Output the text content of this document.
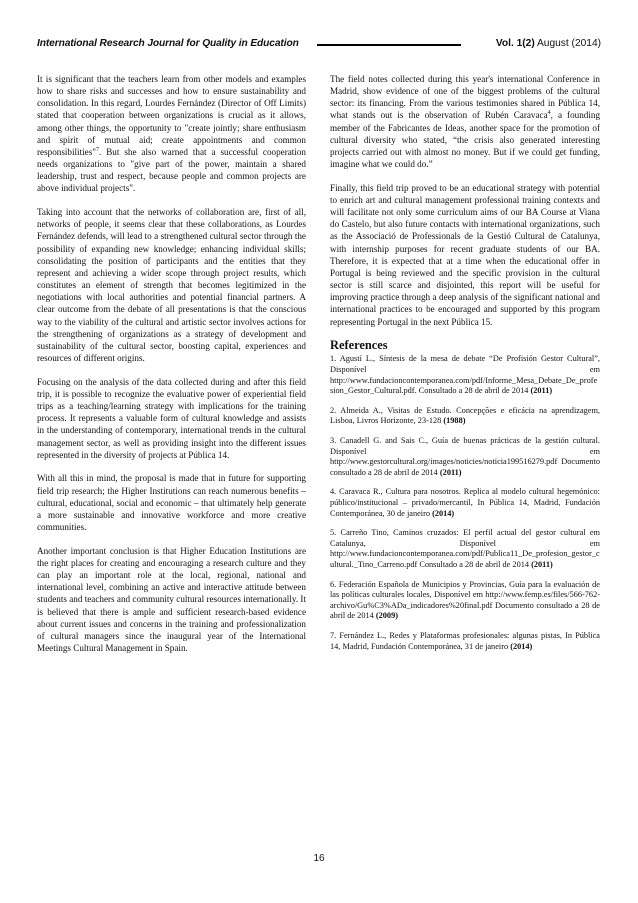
International Research Journal for Quality in Education	Vol. 1(2) August (2014)

It is significant that the teachers learn from other models and examples how to share risks and successes and how to ensure sustainability and consolidation. In this regard, Lourdes Fernández (Director of Off Limits) stated that cooperation between organizations is crucial as it allows, among other things, the opportunity to "create jointly; share enthusiasm and spirit of mutual aid; create appointments and common responsibilities"$^7$. But she also warned that a successful cooperation needs organizations to "give part of the power, maintain a shared leadership, trust and respect, because people and common projects are above individual projects".

Taking into account that the networks of collaboration are, first of all, networks of people, it seems clear that these collaborations, as Lourdes Fernández defends, will lead to a strengthened cultural sector through the possibility of expanding new knowledge; enhancing individual skills; consolidating the position of participants and the entities that they represent and achieving a wider scope through project results, which constitutes an element of strength that becomes legitimized in the negotiations with local authorities and potential financial partners. A clear outcome from the debate of all presentations is that the conscious way to the viability of the cultural and artistic sector involves actions for the strengthening of organizations as a strategy of development and sustainability of the cultural sector, boosting capital, experiences and resources of different origins.

Focusing on the analysis of the data collected during and after this field trip, it is possible to recognize the evaluative power of experiential field trips as a teaching/learning strategy with implications for the training process. It represents a valuable form of cultural knowledge and assists in the understanding of contemporary, international trends in the cultural management sector, as well as providing insight into the different issues represented in the diversity of projects at Pública 14.

With all this in mind, the proposal is made that in future for supporting field trip research; the Higher Institutions can reach numerous benefits – cultural, educational, social and economic – that ultimately help generate a more sustainable and innovative workforce and more creative communities.

Another important conclusion is that Higher Education Institutions are the right places for creating and encouraging a research culture and they can play an important role at the local, regional, national and international level, combining an active and interactive attitude between students and teachers and community cultural resources internationally. It is believed that there is ample and sufficient research-based evidence about current issues and concerns in the training and professionalization of cultural managers since the inaugural year of the International Meetings Cultural Management in Spain.

The field notes collected during this year's international Conference in Madrid, show evidence of one of the biggest problems of the cultural sector: its financing. From the various testimonies shared in Pública 14, what stands out is the observation of Rubén Caravaca$^4$, a founding member of the Fabricantes de Ideas, another space for the promotion of cultural diversity who stated, “the crisis also generated interesting projects carried out with almost no money. But if we could get funding, imagine what we could do.”

Finally, this field trip proved to be an educational strategy with potential to enrich art and cultural management professional training contexts and will facilitate not only some curriculum aims of our BA Course at Viana do Castelo, but also future contacts with international organizations, such as the Associació de Professionals de la Gestió Cultural de Catalunya, with internship purposes for recent graduate students of our BA. Therefore, it is expected that at a time when the educational offer in Portugal is being reviewed and the specific provision in the cultural sector is still scarce and disjointed, this report will be useful for improving practice through a deep analysis of the significant national and international practices to be encouraged and supported by this program representing Portugal in the next Pública 15.

References
1. Agustí L., Síntesis de la mesa de debate “De Profisión Gestor Cultural”, Disponível em http://www.fundacioncontemporanea.com/pdf/Informe_Mesa_Debate_De_profesion_Gestor_Cultural.pdf. Consultado a 28 de abril de 2014 (2011)
2. Almeida A., Visitas de Estudo. Concepções e eficácia na aprendizagem, Lisboa, Livros Horizonte, 23-128 (1988)
3. Canadell G. and Sais C., Guía de buenas prácticas de la gestión cultural. Disponível em http://www.gestorcultural.org/images/noticies/noticia199516279.pdf Documento consultado a 28 de abril de 2014 (2011)
4. Caravaca R., Cultura para nosotros. Replica al modelo cultural hegemónico: público/institucional – privado/mercantil, In Pública 14, Madrid, Fundación Contemporánea, 30 de janeiro (2014)
5. Carreño Tino, Caminos cruzados: El perfil actual del gestor cultural em Catalunya, Disponível em http://www.fundacioncontemporanea.com/pdf/Publica11_De_profesion_gestor_cultural._Tino_Carreno.pdf Consultado a 28 de abril de 2014 (2011)
6. Federación Española de Municipios y Provincias, Guía para la evaluación de las políticas culturales locales, Disponível em http://www.femp.es/files/566-762- archivo/Gu%C3%ADa_indicadores%20final.pdf Documento consultado a 28 de abril de 2014 (2009)
7. Fernández L., Redes y Plataformas profesionales: algunas pistas, In Pública 14, Madrid, Fundación Contemporánea, 31 de janeiro (2014)
16
